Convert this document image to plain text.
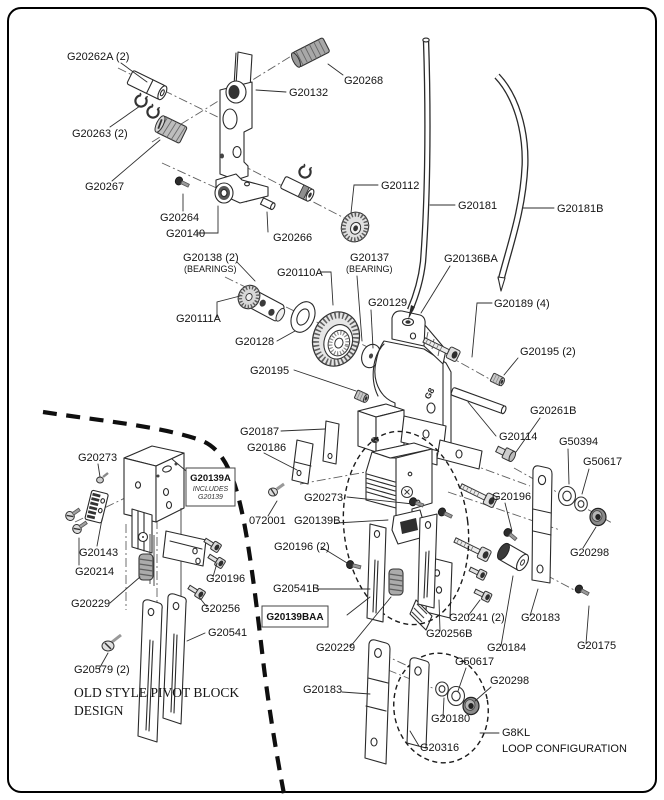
G8
G20262A (2)
G20263 (2)
G20267
G20132
G20268
G20264
G20140	G20266
G20112
G20181	G20181B
G20138 (2)
(BEARINGS)
G20137
(BEARING)
G20110A
G20136BA
G20129	G20189 (4)
G20111A
G20128
G20195 (2)
G20195
G20261B
G20114
G20187
G20186	G50394
G20273	G50617
G20273
072001 G20139B
G20196
G20298
G20143	G20196 (2)
G20214
G20196
G20541B
G20229	G20256
G20241 (2) G20183
G20541	G20256B
G20175
G20229	G20184
G20579 (2)
G50617
G20298
G20183
G20180
G20316
G20139A
INCLUDES
G20139
G20139BAA
OLD STYLE PIVOT BLOCK
DESIGN
G8KL
LOOP CONFIGURATION
